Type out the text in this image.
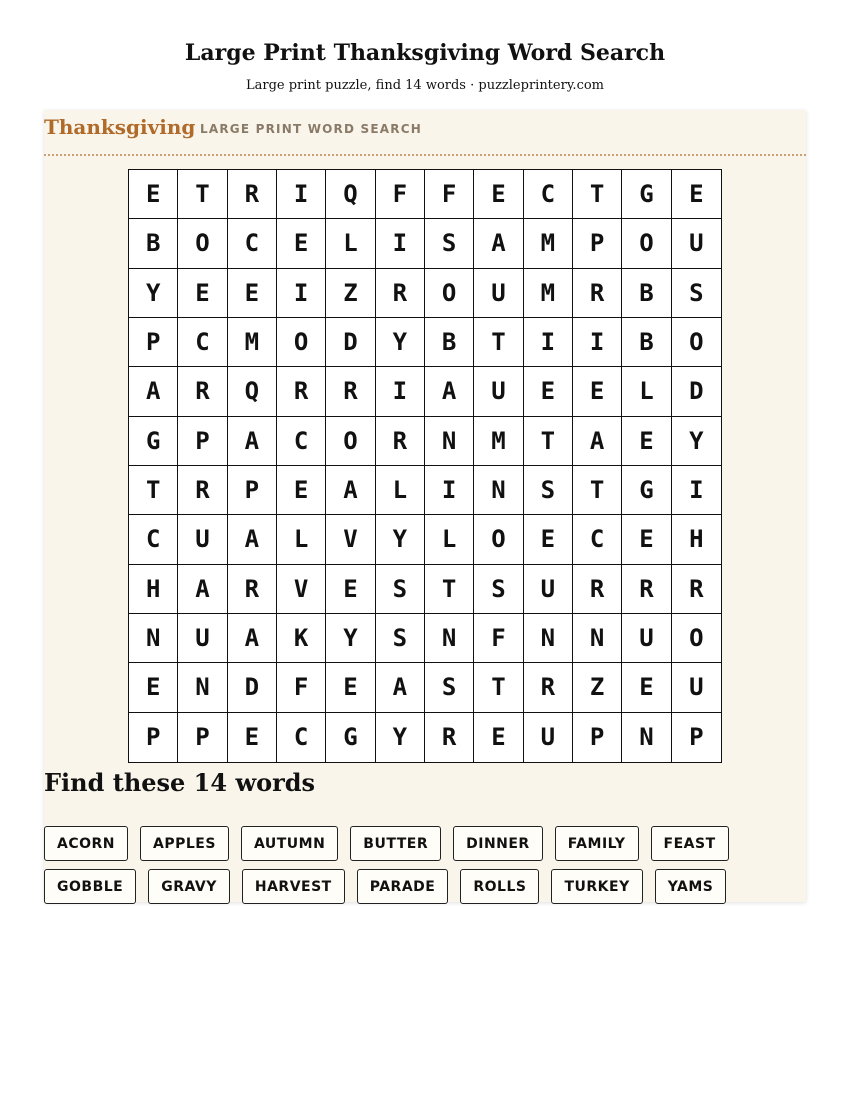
Large Print Thanksgiving Word Search

Large print puzzle, find 14 words · puzzleprintery.com

Thanksgiving LARGE PRINT WORD SEARCH
E	T	R	I	Q	F	F	E	C	T	G	E
B	O	C	E	L	I	S	A	M	P	O	U
Y	E	E	I	Z	R	O	U	M	R	B	S
P	C	M	O	D	Y	B	T	I	I	B	O
A	R	Q	R	R	I	A	U	E	E	L	D
G	P	A	C	O	R	N	M	T	A	E	Y
T	R	P	E	A	L	I	N	S	T	G	I
C	U	A	L	V	Y	L	O	E	C	E	H
H	A	R	V	E	S	T	S	U	R	R	R
N	U	A	K	Y	S	N	F	N	N	U	O
E	N	D	F	E	A	S	T	R	Z	E	U
P	P	E	C	G	Y	R	E	U	P	N	P
Find these 14 words
ACORN	APPLES	AUTUMN	BUTTER	DINNER	FAMILY	FEAST
GOBBLE	GRAVY	HARVEST	PARADE	ROLLS	TURKEY	YAMS
